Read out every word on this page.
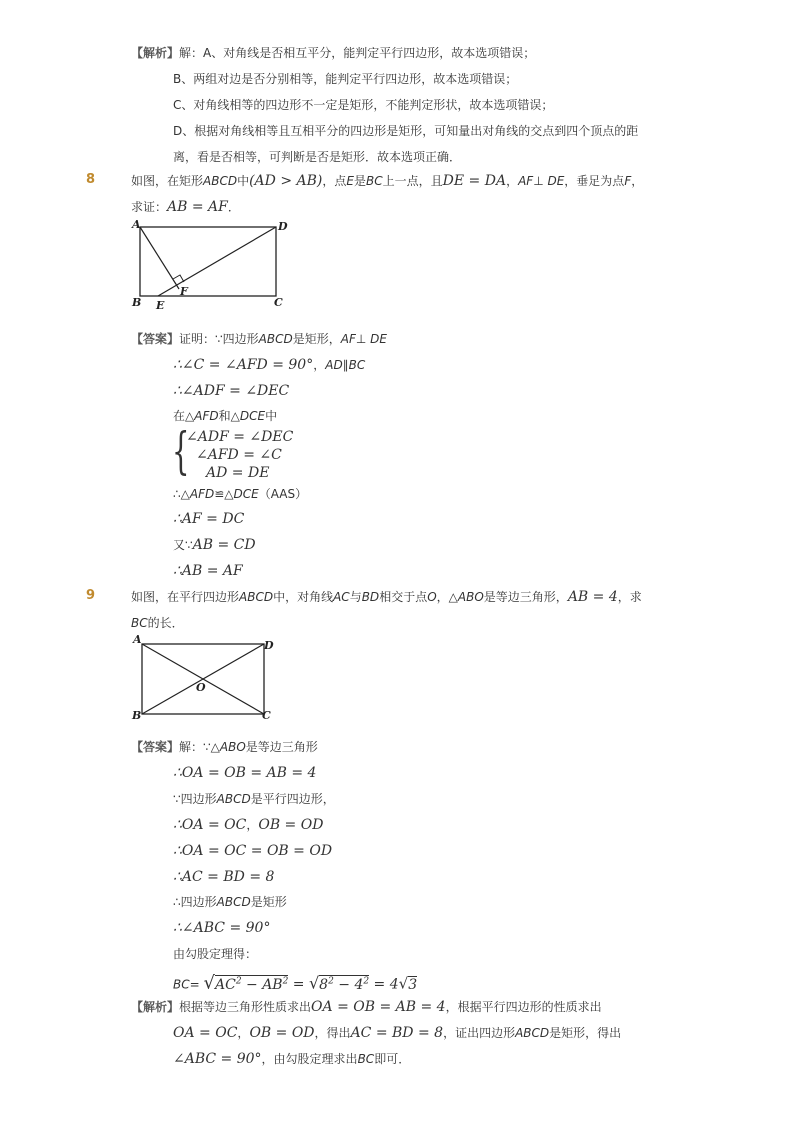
【解析】解：A、对角线是否相互平分，能判定平行四边形，故本选项错误；
B、两组对边是否分别相等，能判定平行四边形，故本选项错误；
C、对角线相等的四边形不一定是矩形，不能判定形状，故本选项错误；
D、根据对角线相等且互相平分的四边形是矩形，可知量出对角线的交点到四个顶点的距
离，看是否相等，可判断是否是矩形．故本选项正确．
8	如图，在矩形ABCD中(AD > AB)，点E是BC上一点，且DE = DA，AF⊥ DE，垂足为点F，
求证：AB = AF．
A	D
B	C
E
F
【答案】证明：∵四边形ABCD是矩形，AF⊥ DE
∴∠C = ∠AFD = 90°，AD∥BC
∴∠ADF = ∠DEC
在△AFD和△DCE中
{
∠ADF = ∠DEC
∠AFD = ∠C
AD = DE
∴△AFD≌△DCE（AAS）
∴AF = DC
又∵AB = CD
∴AB = AF
9	如图，在平行四边形ABCD中，对角线AC与BD相交于点O，△ABO是等边三角形，AB = 4，求
BC的长．
A	D
B	C
O
【答案】解：∵△ABO是等边三角形
∴OA = OB = AB = 4
∵四边形ABCD是平行四边形，
∴OA = OC，OB = OD
∴OA = OC = OB = OD
∴AC = BD = 8
∴四边形ABCD是矩形
∴∠ABC = 90°
由勾股定理得：
$BC= √AC^2 - AB^2 = √8^2 - 4^2 = 4√3$
【解析】根据等边三角形性质求出OA = OB = AB = 4，根据平行四边形的性质求出
OA = OC，OB = OD，得出AC = BD = 8，证出四边形ABCD是矩形，得出
∠ABC = 90°，由勾股定理求出BC即可．
